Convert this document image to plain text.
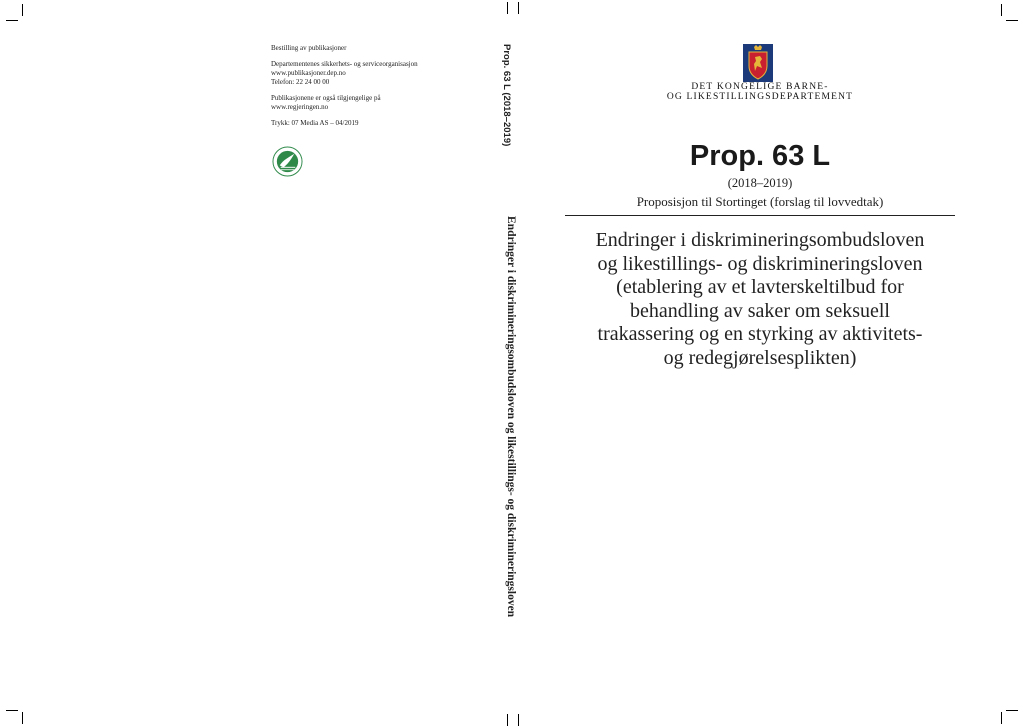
Bestilling av publikasjoner

Departementenes sikkerhets- og serviceorganisasjon
www.publikasjoner.dep.no
Telefon: 22 24 00 00

Publikasjonene er også tilgjengelige på
www.regjeringen.no

Trykk: 07 Media AS – 04/2019	Prop. 63 L (2018–2019)
Endringer i diskrimineringsombudsloven og likestillings- og diskrimineringsloven
DET KONGELIGE BARNE-
OG LIKESTILLINGSDEPARTEMENT
Prop. 63 L
(2018–2019)
Proposisjon til Stortinget (forslag til lovvedtak)
Endringer i diskrimineringsombudsloven
og likestillings- og diskrimineringsloven
(etablering av et lavterskeltilbud for
behandling av saker om seksuell
trakassering og en styrking av aktivitets-
og redegjørelsesplikten)
